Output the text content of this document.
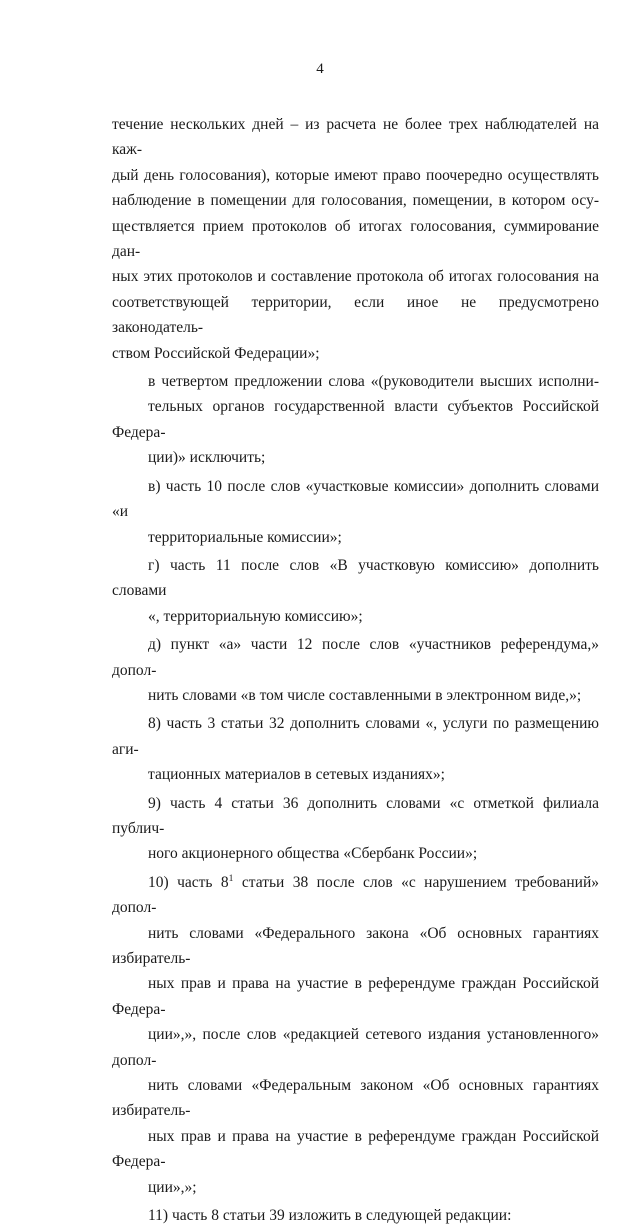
4

течение нескольких дней – из расчета не более трех наблюдателей на каж-
дый день голосования), которые имеют право поочередно осуществлять
наблюдение в помещении для голосования, помещении, в котором осу-
ществляется прием протоколов об итогах голосования, суммирование дан-
ных этих протоколов и составление протокола об итогах голосования на
соответствующей территории, если иное не предусмотрено законодатель-
ством Российской Федерации»;

в четвертом предложении слова «(руководители высших исполни-
тельных органов государственной власти субъектов Российской Федера-
ции)» исключить;

в) часть 10 после слов «участковые комиссии» дополнить словами «и
территориальные комиссии»;

г) часть 11 после слов «В участковую комиссию» дополнить словами
«, территориальную комиссию»;

д) пункт «а» части 12 после слов «участников референдума,» допол-
нить словами «в том числе составленными в электронном виде,»;

8) часть 3 статьи 32 дополнить словами «, услуги по размещению аги-
тационных материалов в сетевых изданиях»;

9) часть 4 статьи 36 дополнить словами «с отметкой филиала публич-
ного акционерного общества «Сбербанк России»;

10) часть $8^1$ статьи 38 после слов «с нарушением требований» допол-
нить словами «Федерального закона «Об основных гарантиях избиратель-
ных прав и права на участие в референдуме граждан Российской Федера-
ции»,», после слов «редакцией сетевого издания установленного» допол-
нить словами «Федеральным законом «Об основных гарантиях избиратель-
ных прав и права на участие в референдуме граждан Российской Федера-
ции»,»;

11) часть 8 статьи 39 изложить в следующей редакции:
